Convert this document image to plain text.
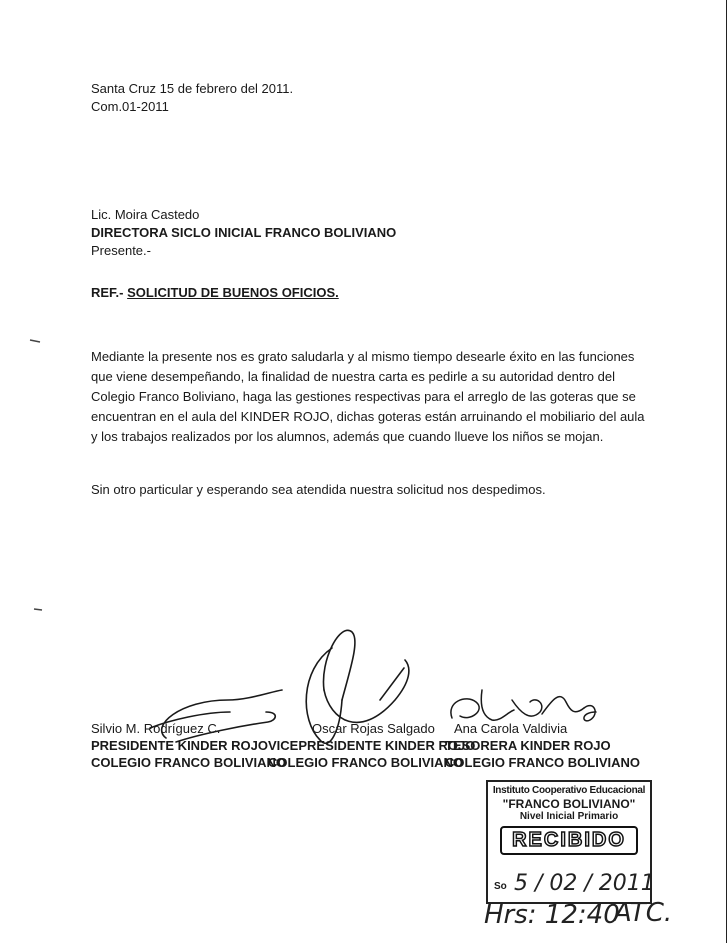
Santa Cruz 15 de febrero del 2011.
Com.01-2011
Lic. Moira Castedo
DIRECTORA SICLO INICIAL FRANCO BOLIVIANO
Presente.-
REF.- SOLICITUD DE BUENOS OFICIOS.
Mediante la presente nos es grato saludarla y al mismo tiempo desearle éxito en las funciones
que viene desempeñando, la finalidad de nuestra carta es pedirle a su autoridad dentro del
Colegio Franco Boliviano, haga las gestiones respectivas para el arreglo de las goteras que se
encuentran en el aula del KINDER ROJO, dichas goteras están arruinando el mobiliario del aula
y los trabajos realizados por los alumnos, además que cuando llueve los niños se mojan.
Sin otro particular y esperando sea atendida nuestra solicitud nos despedimos.
Silvio M. Rodríguez C.
PRESIDENTE KINDER ROJO
COLEGIO FRANCO BOLIVIANO
Oscar Rojas Salgado
VICEPRESIDENTE KINDER ROJO
COLEGIO FRANCO BOLIVIANO
Ana Carola Valdivia
TESORERA KINDER ROJO
COLEGIO FRANCO BOLIVIANO
Instituto Cooperativo Educacional
"FRANCO BOLIVIANO"
Nivel Inicial Primario
RECIBIDO
So 5 / 02 / 2011
Hrs: 12:40
ATC.
